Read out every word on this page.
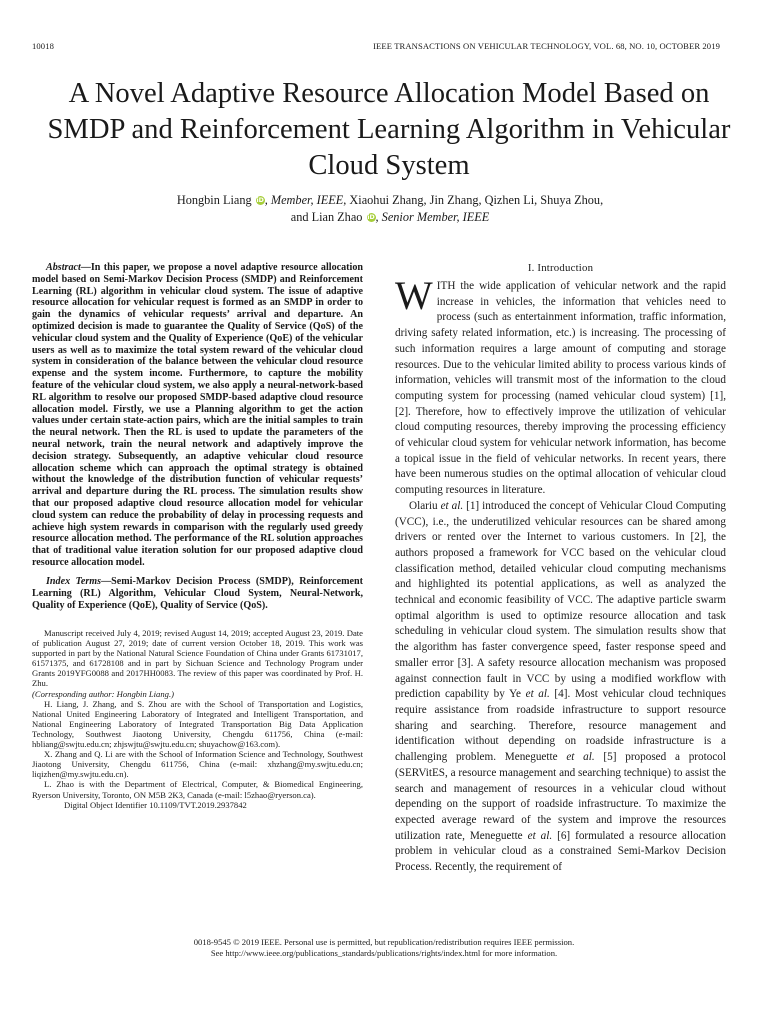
10018	IEEE TRANSACTIONS ON VEHICULAR TECHNOLOGY, VOL. 68, NO. 10, OCTOBER 2019
A Novel Adaptive Resource Allocation Model Based on SMDP and Reinforcement Learning Algorithm in Vehicular Cloud System
Hongbin Liang iD, Member, IEEE, Xiaohui Zhang, Jin Zhang, Qizhen Li, Shuya Zhou,
and Lian Zhao iD, Senior Member, IEEE

Abstract—In this paper, we propose a novel adaptive resource allocation model based on Semi-Markov Decision Process (SMDP) and Reinforcement Learning (RL) algorithm in vehicular cloud system. The issue of adaptive resource allocation for vehicular request is formed as an SMDP in order to gain the dynamics of vehicular requests’ arrival and departure. An optimized decision is made to guarantee the Quality of Service (QoS) of the vehicular cloud system and the Quality of Experience (QoE) of the vehicular users as well as to maximize the total system reward of the vehicular cloud system in consideration of the balance between the vehicular cloud resource expense and the system income. Furthermore, to capture the mobility feature of the vehicular cloud system, we also apply a neural-network-based RL algorithm to resolve our proposed SMDP-based adaptive cloud resource allocation model. Firstly, we use a Planning algorithm to get the action values under certain state-action pairs, which are the initial samples to train the neural network. Then the RL is used to update the parameters of the neural network, train the neural network and adaptively improve the decision strategy. Subsequently, an adaptive vehicular cloud resource allocation scheme which can approach the optimal strategy is obtained without the knowledge of the distribution function of vehicular requests’ arrival and departure during the RL process. The simulation results show that our proposed adaptive cloud resource allocation model for vehicular cloud system can reduce the probability of delay in processing requests and achieve high system rewards in comparison with the regularly used greedy resource allocation method. The performance of the RL solution approaches that of traditional value iteration solution for our proposed adaptive cloud resource allocation model.

Index Terms—Semi-Markov Decision Process (SMDP), Reinforcement Learning (RL) Algorithm, Vehicular Cloud System, Neural-Network, Quality of Experience (QoE), Quality of Service (QoS).

Manuscript received July 4, 2019; revised August 14, 2019; accepted August 23, 2019. Date of publication August 27, 2019; date of current version October 18, 2019. This work was supported in part by the National Natural Science Foundation of China under Grants 61731017, 61571375, and 61728108 and in part by Sichuan Science and Technology Program under Grants 2019YFG0088 and 2017HH0083. The review of this paper was coordinated by Prof. H. Zhu.

(Corresponding author: Hongbin Liang.)

H. Liang, J. Zhang, and S. Zhou are with the School of Transportation and Logistics, National United Engineering Laboratory of Integrated and Intelligent Transportation, and National Engineering Laboratory of Integrated Transportation Big Data Application Technology, Southwest Jiaotong University, Chengdu 611756, China (e-mail: hbliang@swjtu.edu.cn; zhjswjtu@swjtu.edu.cn; shuyachow@163.com).

X. Zhang and Q. Li are with the School of Information Science and Technology, Southwest Jiaotong University, Chengdu 611756, China (e-mail: xhzhang@my.swjtu.edu.cn; liqizhen@my.swjtu.edu.cn).

L. Zhao is with the Department of Electrical, Computer, & Biomedical Engineering, Ryerson University, Toronto, ON M5B 2K3, Canada (e-mail: l5zhao@ryerson.ca).

Digital Object Identifier 10.1109/TVT.2019.2937842

I. Introduction

WITH the wide application of vehicular network and the rapid increase in vehicles, the information that vehicles need to process (such as entertainment information, traffic information, driving safety related information, etc.) is increasing. The processing of such information requires a large amount of computing and storage resources. Due to the vehicular limited ability to process various kinds of information, vehicles will transmit most of the information to the cloud computing system for processing (named vehicular cloud system) [1], [2]. Therefore, how to effectively improve the utilization of vehicular cloud computing resources, thereby improving the processing efficiency of vehicular cloud system for vehicular network information, has become a topical issue in the field of vehicular networks. In recent years, there have been numerous studies on the optimal allocation of vehicular cloud computing resources in literature.

Olariu et al. [1] introduced the concept of Vehicular Cloud Computing (VCC), i.e., the underutilized vehicular resources can be shared among drivers or rented over the Internet to various customers. In [2], the authors proposed a framework for VCC based on the vehicular cloud classification method, detailed vehicular cloud computing mechanisms and highlighted its potential applications, as well as analyzed the technical and economic feasibility of VCC. The adaptive particle swarm optimal algorithm is used to optimize resource allocation and task scheduling in vehicular cloud system. The simulation results show that the algorithm has faster convergence speed, faster response speed and smaller error [3]. A safety resource allocation mechanism was proposed against connection fault in VCC by using a modified workflow with prediction capability by Ye et al. [4]. Most vehicular cloud techniques require assistance from roadside infrastructure to support resource sharing and searching. Therefore, resource management and identification without depending on roadside infrastructure is a challenging problem. Meneguette et al. [5] proposed a protocol (SERVitES, a resource management and searching technique) to assist the search and management of resources in a vehicular cloud without depending on the support of roadside infrastructure. To maximize the expected average reward of the system and improve the resources utilization rate, Meneguette et al. [6] formulated a resource allocation problem in vehicular cloud as a constrained Semi-Markov Decision Process. Recently, the requirement of

0018-9545 © 2019 IEEE. Personal use is permitted, but republication/redistribution requires IEEE permission.
See http://www.ieee.org/publications_standards/publications/rights/index.html for more information.
